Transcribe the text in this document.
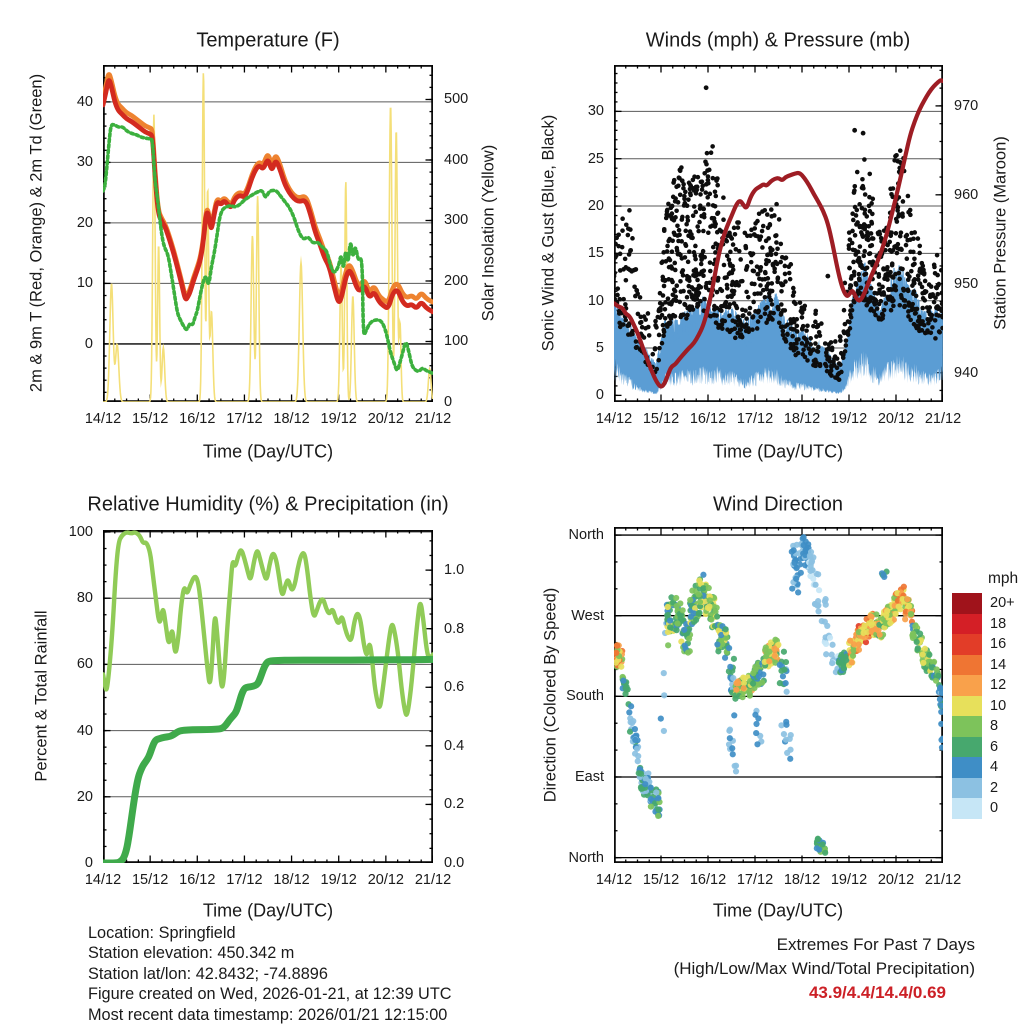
Temperature (F)	Winds (mph) & Pressure (mb)
Relative Humidity (%) & Precipitation (in)	Wind Direction
2m & 9m T (Red, Orange) & 2m Td (Green)	Solar Insolation (Yellow)	Sonic Wind & Gust (Blue, Black)	Station Pressure (Maroon)
Percent & Total Rainfall	Direction (Colored By Speed)
Time (Day/UTC)	Time (Day/UTC)
Time (Day/UTC)	Time (Day/UTC)
mph
Location: Springfield
Station elevation: 450.342 m
Station lat/lon: 42.8432; -74.8896
Figure created on Wed, 2026-01-21, at 12:39 UTC
Most recent data timestamp: 2026/01/21 12:15:00
Extremes For Past 7 Days
(High/Low/Max Wind/Total Precipitation)
43.9/4.4/14.4/0.69
14/12 15/12 16/12 17/12 18/12 19/12 20/12 21/12
0
10
20
30
40
0
100
200
300
400
500
14/12 15/12 16/12 17/12 18/12 19/12 20/12 21/12
0
5
10
15
20
25
30
940
950
960
970
14/12 15/12 16/12 17/12 18/12 19/12 20/12 21/12
0
20
40
60
80
100
0.0
0.2
0.4
0.6
0.8
1.0
14/12 15/12 16/12 17/12 18/12 19/12 20/12 21/12
North
West
South
East
North
20+
18
16
14
12
10
8
6
4
2
0
